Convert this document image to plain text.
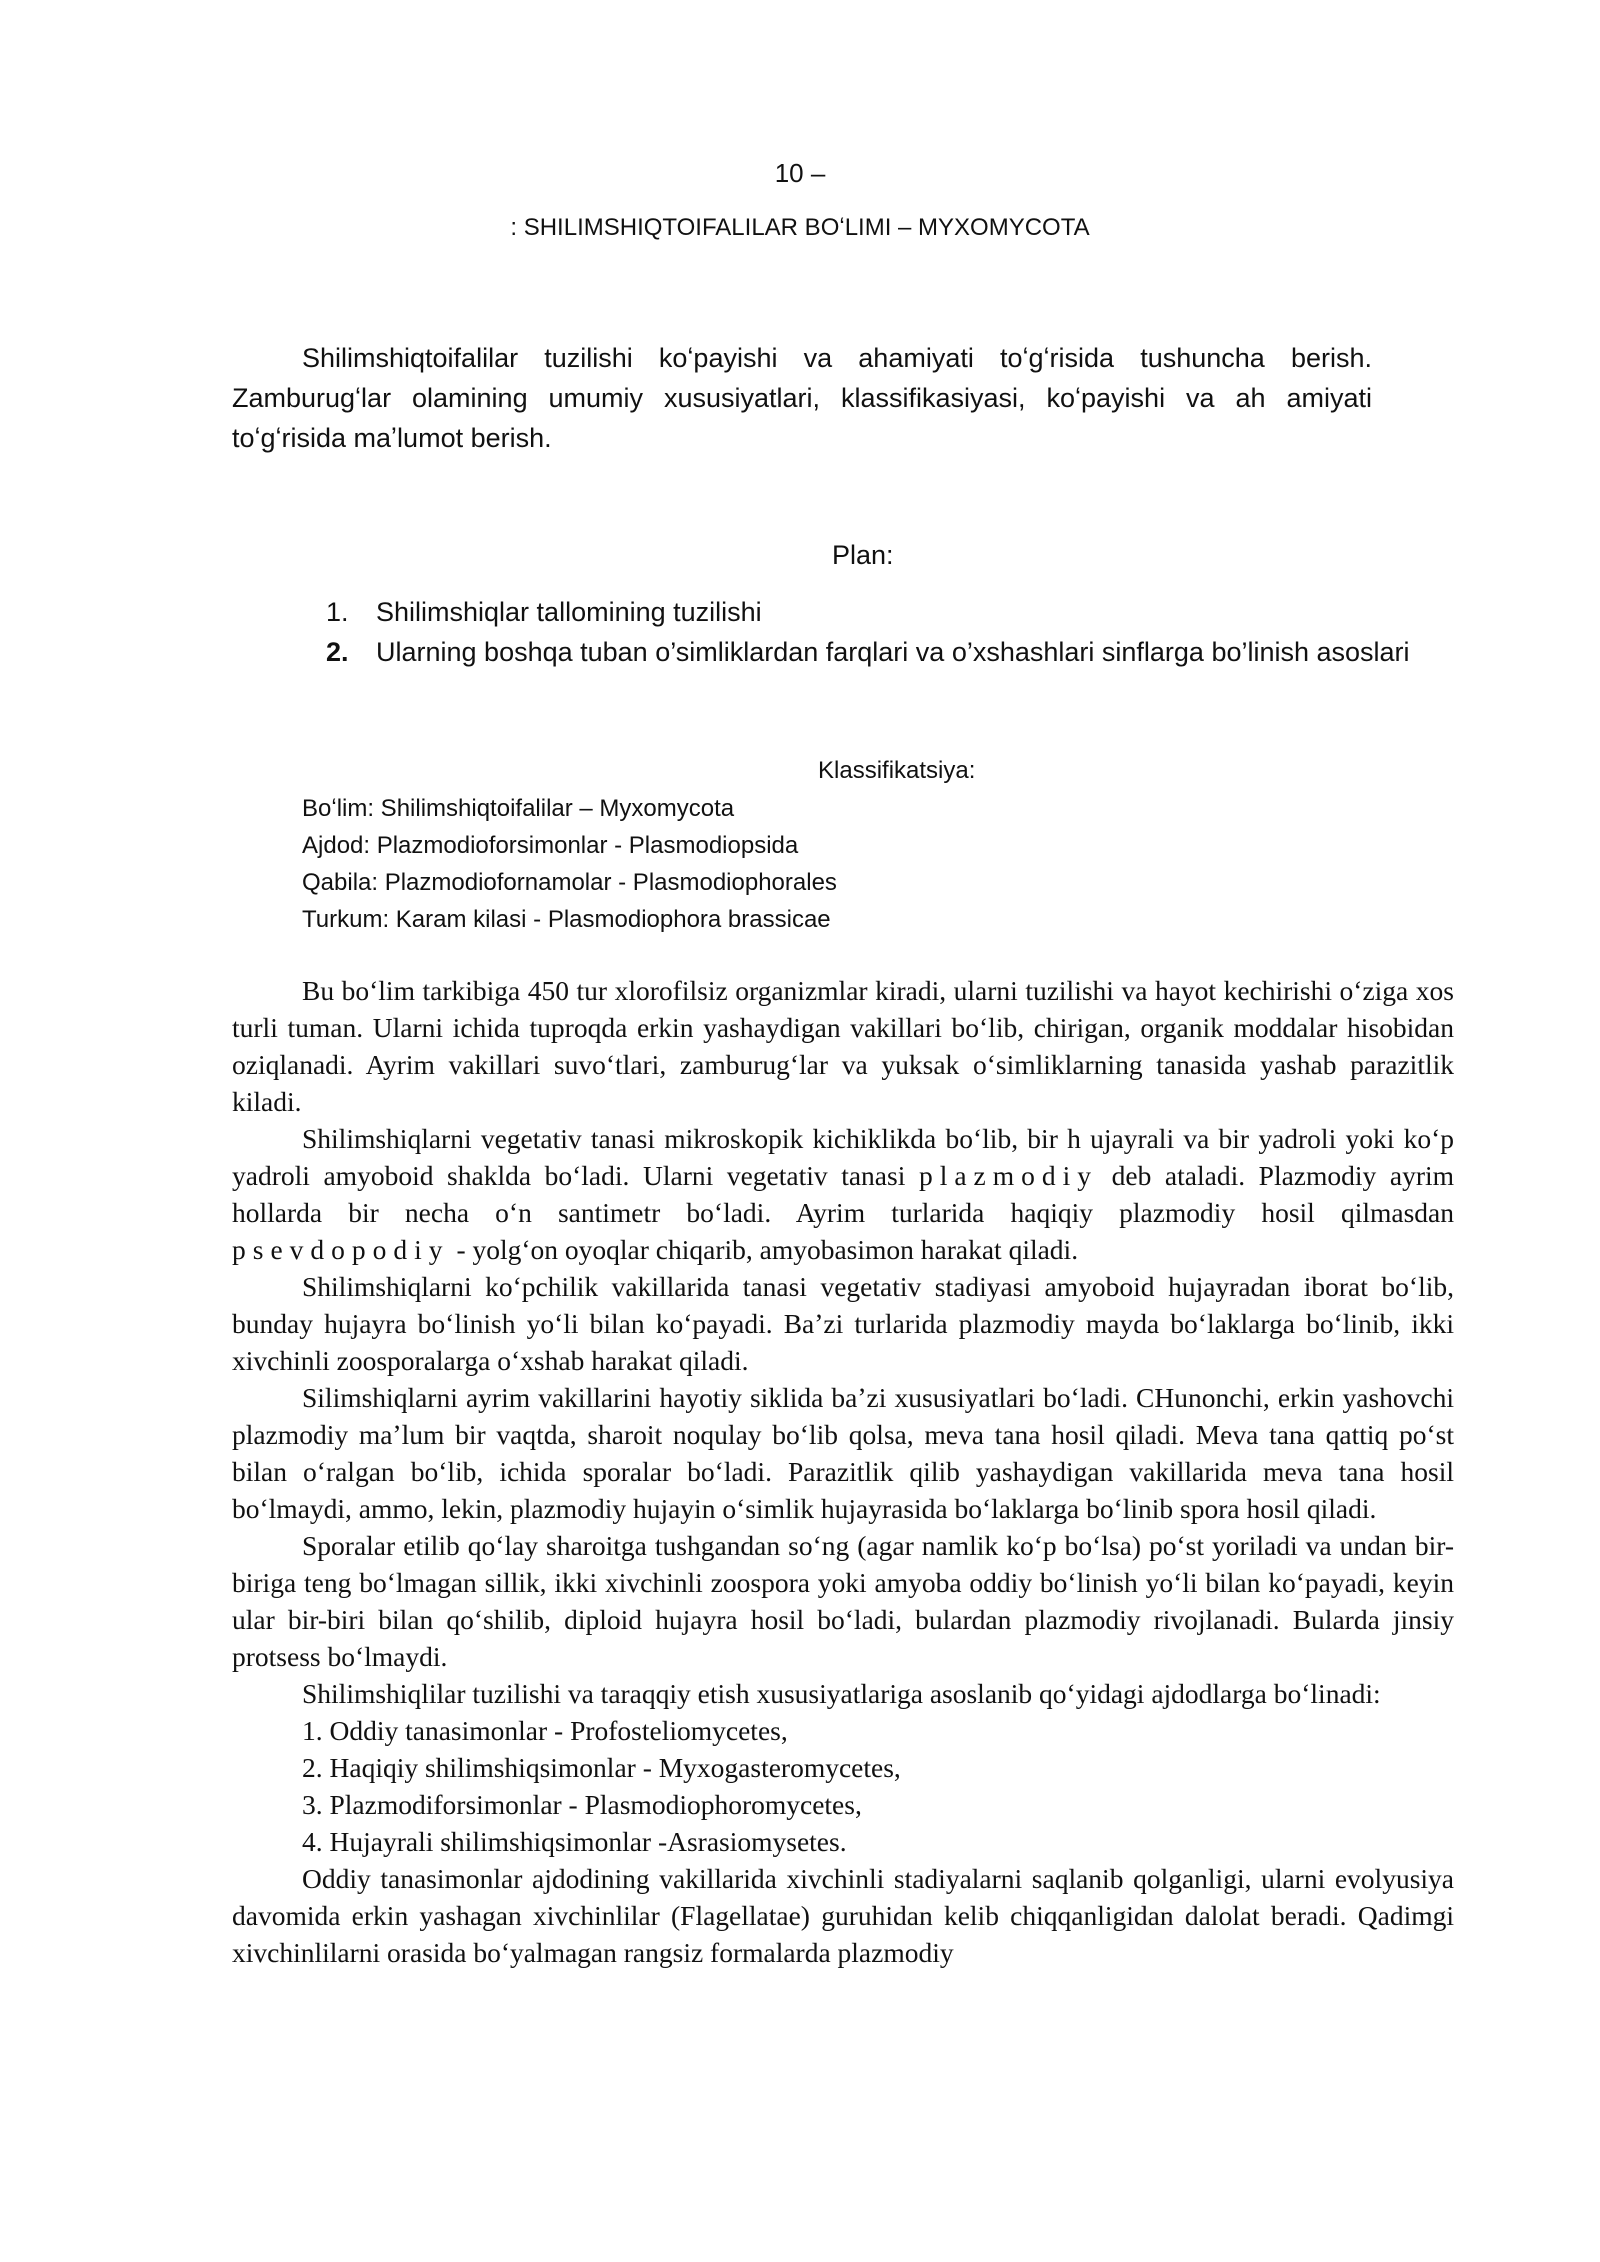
10 –
: SHILIMSHIQTOIFALILAR BOʻLIMI – MYXOMYCOTA

Shilimshiqtoifalilar tuzilishi koʻpayishi va ahamiyati toʻgʻrisida tushuncha berish. Zamburugʻlar olamining umumiy xususiyatlari, klassifikasiyasi, koʻpayishi va ah amiyati toʻgʻrisida maʼlumot berish.

Plan:
1. Shilimshiqlar tallomining tuzilishi
2. Ularning boshqa tuban o’simliklardan farqlari va o’xshashlari sinflarga bo’linish asoslari
Klassifikatsiya:
Boʻlim: Shilimshiqtoifalilar – Myxomycota
Ajdod: Plazmodioforsimonlar - Plasmodiopsida
Qabila: Plazmodiofornamolar - Plasmodiophorales
Turkum: Karam kilasi - Plasmodiophora brassicae

Bu boʻlim tarkibiga 450 tur xlorofilsiz organizmlar kiradi, ularni tuzilishi va hayot kechirishi oʻziga xos turli tuman. Ularni ichida tuproqda erkin yashaydigan vakillari boʻlib, chirigan, organik moddalar hisobidan oziqlanadi. Ayrim vakillari suvoʻtlari, zamburugʻlar va yuksak oʻsimliklarning tanasida yashab parazitlik kiladi.

Shilimshiqlarni vegetativ tanasi mikroskopik kichiklikda boʻlib, bir h ujayrali va bir yadroli yoki koʻp yadroli amyoboid shaklda boʻladi. Ularni vegetativ tanasi plazmodiy deb ataladi. Plazmodiy ayrim hollarda bir necha oʻn santimetr boʻladi. Ayrim turlarida haqiqiy plazmodiy hosil qilmasdan psevdopodiy - yolgʻon oyoqlar chiqarib, amyobasimon harakat qiladi.

Shilimshiqlarni koʻpchilik vakillarida tanasi vegetativ stadiyasi amyoboid hujayradan iborat boʻlib, bunday hujayra boʻlinish yoʻli bilan koʻpayadi. Baʼzi turlarida plazmodiy mayda boʻlaklarga boʻlinib, ikki xivchinli zoosporalarga oʻxshab harakat qiladi.

Silimshiqlarni ayrim vakillarini hayotiy siklida baʼzi xususiyatlari boʻladi. CHunonchi, erkin yashovchi plazmodiy maʼlum bir vaqtda, sharoit noqulay boʻlib qolsa, meva tana hosil qiladi. Meva tana qattiq poʻst bilan oʻralgan boʻlib, ichida sporalar boʻladi. Parazitlik qilib yashaydigan vakillarida meva tana hosil boʻlmaydi, ammo, lekin, plazmodiy hujayin oʻsimlik hujayrasida boʻlaklarga boʻlinib spora hosil qiladi.

Sporalar etilib qoʻlay sharoitga tushgandan soʻng (agar namlik koʻp boʻlsa) poʻst yoriladi va undan bir-biriga teng boʻlmagan sillik, ikki xivchinli zoospora yoki amyoba oddiy boʻlinish yoʻli bilan koʻpayadi, keyin ular bir-biri bilan qoʻshilib, diploid hujayra hosil boʻladi, bulardan plazmodiy rivojlanadi. Bularda jinsiy protsess boʻlmaydi.

Shilimshiqlilar tuzilishi va taraqqiy etish xususiyatlariga asoslanib qoʻyidagi ajdodlarga boʻlinadi:

1. Oddiy tanasimonlar - Profosteliomycetes,
2. Haqiqiy shilimshiqsimonlar - Myxogasteromycetes,
3. Plazmodiforsimonlar - Plasmodiophoromycetes,
4. Hujayrali shilimshiqsimonlar -Asrasiomysetes.

Oddiy tanasimonlar ajdodining vakillarida xivchinli stadiyalarni saqlanib qolganligi, ularni evolyusiya davomida erkin yashagan xivchinlilar (Flagellatae) guruhidan kelib chiqqanligidan dalolat beradi. Qadimgi xivchinlilarni orasida boʻyalmagan rangsiz formalarda plazmodiy
